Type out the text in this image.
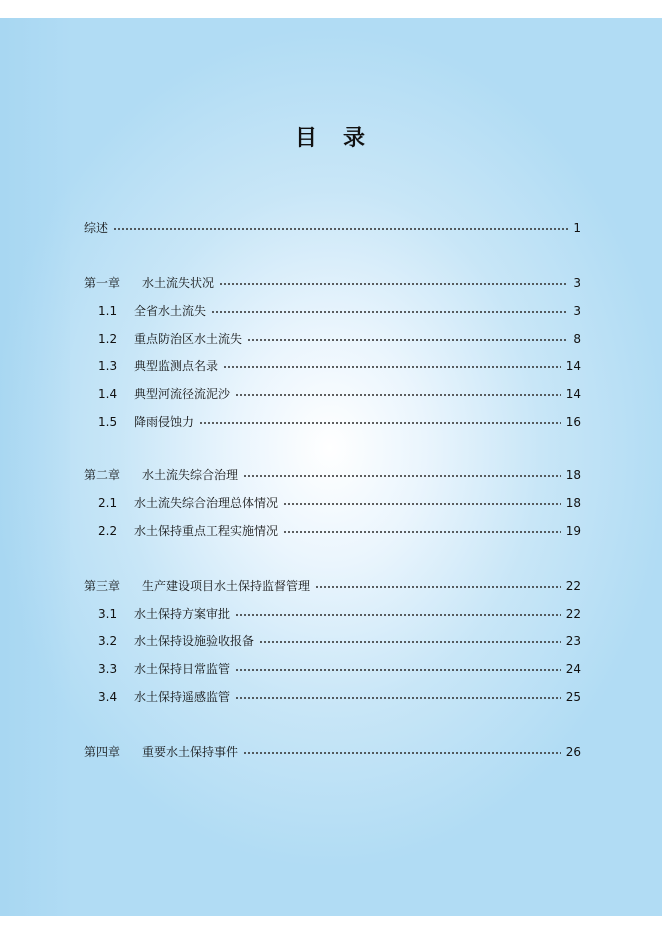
目　录
综述	1
第一章	水土流失状况	3
1.1	全省水土流失	3
1.2	重点防治区水土流失	8
1.3	典型监测点名录	14
1.4	典型河流径流泥沙	14
1.5	降雨侵蚀力	16
第二章	水土流失综合治理	18
2.1	水土流失综合治理总体情况	18
2.2	水土保持重点工程实施情况	19
第三章	生产建设项目水土保持监督管理	22
3.1	水土保持方案审批	22
3.2	水土保持设施验收报备	23
3.3	水土保持日常监管	24
3.4	水土保持遥感监管	25
第四章	重要水土保持事件	26
